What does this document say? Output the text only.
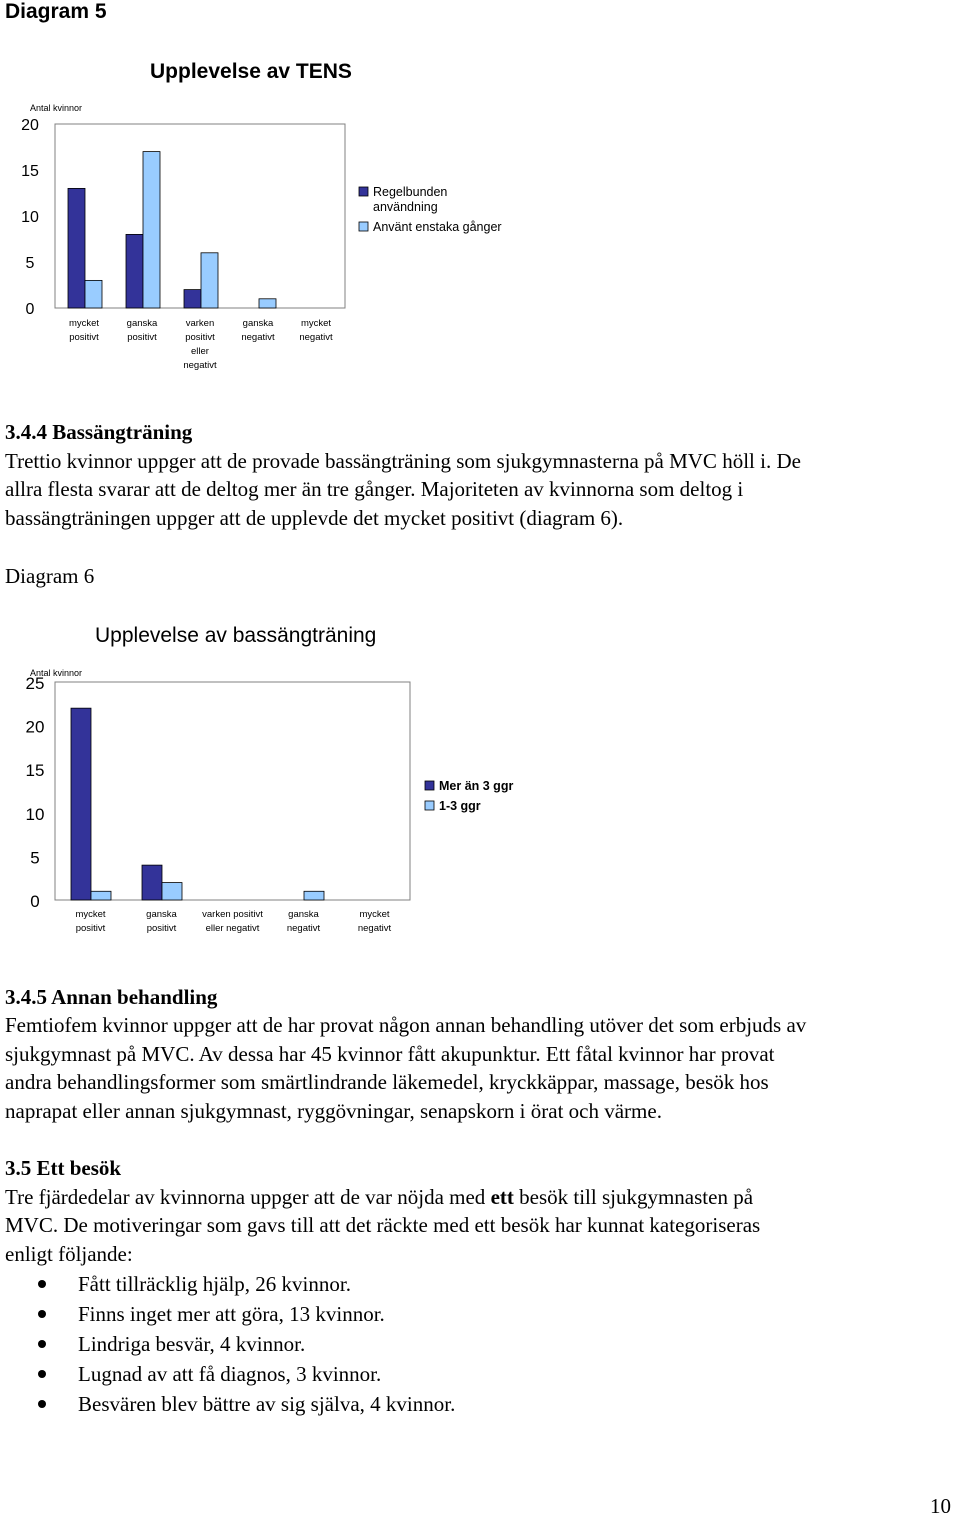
Diagram 5
Upplevelse av TENS
Antal kvinnor
20
15
10
5
0
mycket
positivt
ganska
positivt
varken
positivt
eller
negativt
ganska
negativt
mycket
negativt
Regelbunden
användning
Använt enstaka gånger
3.4.4 Bassängträning
Trettio kvinnor uppger att de provade bassängträning som sjukgymnasterna på MVC höll i. De
allra flesta svarar att de deltog mer än tre gånger. Majoriteten av kvinnorna som deltog i
bassängträningen uppger att de upplevde det mycket positivt (diagram 6).
Diagram 6
Upplevelse av bassängträning
Antal kvinnor
25
20
15
10
5
0
mycket
positivt
ganska
positivt
varken positivt
eller negativt
ganska
negativt
mycket
negativt
Mer än 3 ggr
1-3 ggr
3.4.5 Annan behandling
Femtiofem kvinnor uppger att de har provat någon annan behandling utöver det som erbjuds av
sjukgymnast på MVC. Av dessa har 45 kvinnor fått akupunktur. Ett fåtal kvinnor har provat
andra behandlingsformer som smärtlindrande läkemedel, kryckkäppar, massage, besök hos
naprapat eller annan sjukgymnast, ryggövningar, senapskorn i örat och värme.
3.5 Ett besök
Tre fjärdedelar av kvinnorna uppger att de var nöjda med ett besök till sjukgymnasten på
MVC. De motiveringar som gavs till att det räckte med ett besök har kunnat kategoriseras
enligt följande:
Fått tillräcklig hjälp, 26 kvinnor.
Finns inget mer att göra, 13 kvinnor.
Lindriga besvär, 4 kvinnor.
Lugnad av att få diagnos, 3 kvinnor.
Besvären blev bättre av sig själva, 4 kvinnor.
10
